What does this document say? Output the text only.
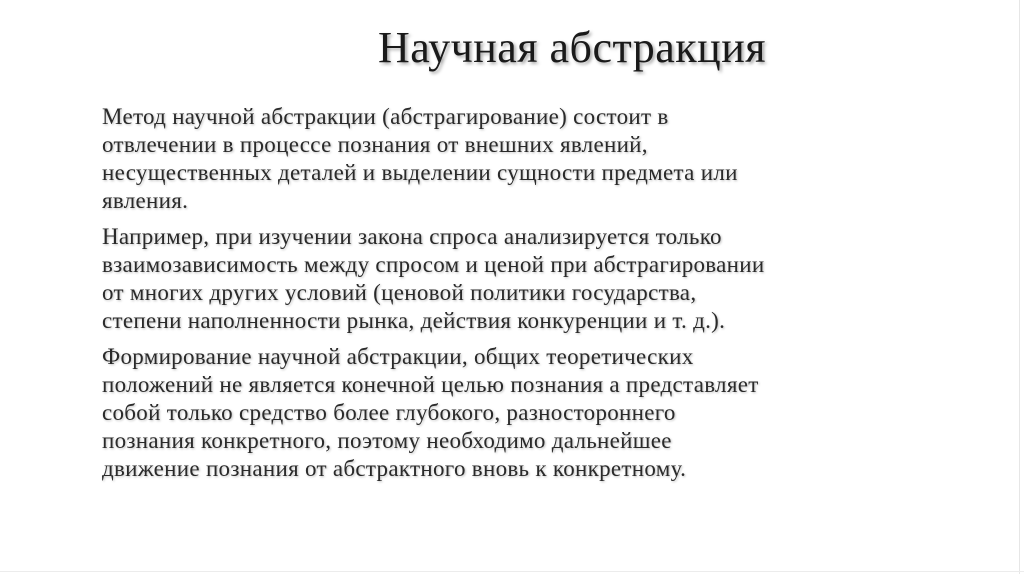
Научная абстракция

Метод научной абстракции (абстрагирование) состоит в
отвлечении в процессе познания от внешних явлений,
несущественных деталей и выделении сущности предмета или
явления.

Например, при изучении закона спроса анализируется только
взаимозависимость между спросом и ценой при абстрагировании
от многих других условий (ценовой политики государства,
степени наполненности рынка, действия конкуренции и т. д.).

Формирование научной абстракции, общих теоретических
положений не является конечной целью познания а представляет
собой только средство более глубокого, разностороннего
познания конкретного, поэтому необходимо дальнейшее
движение познания от абстрактного вновь к конкретному.
